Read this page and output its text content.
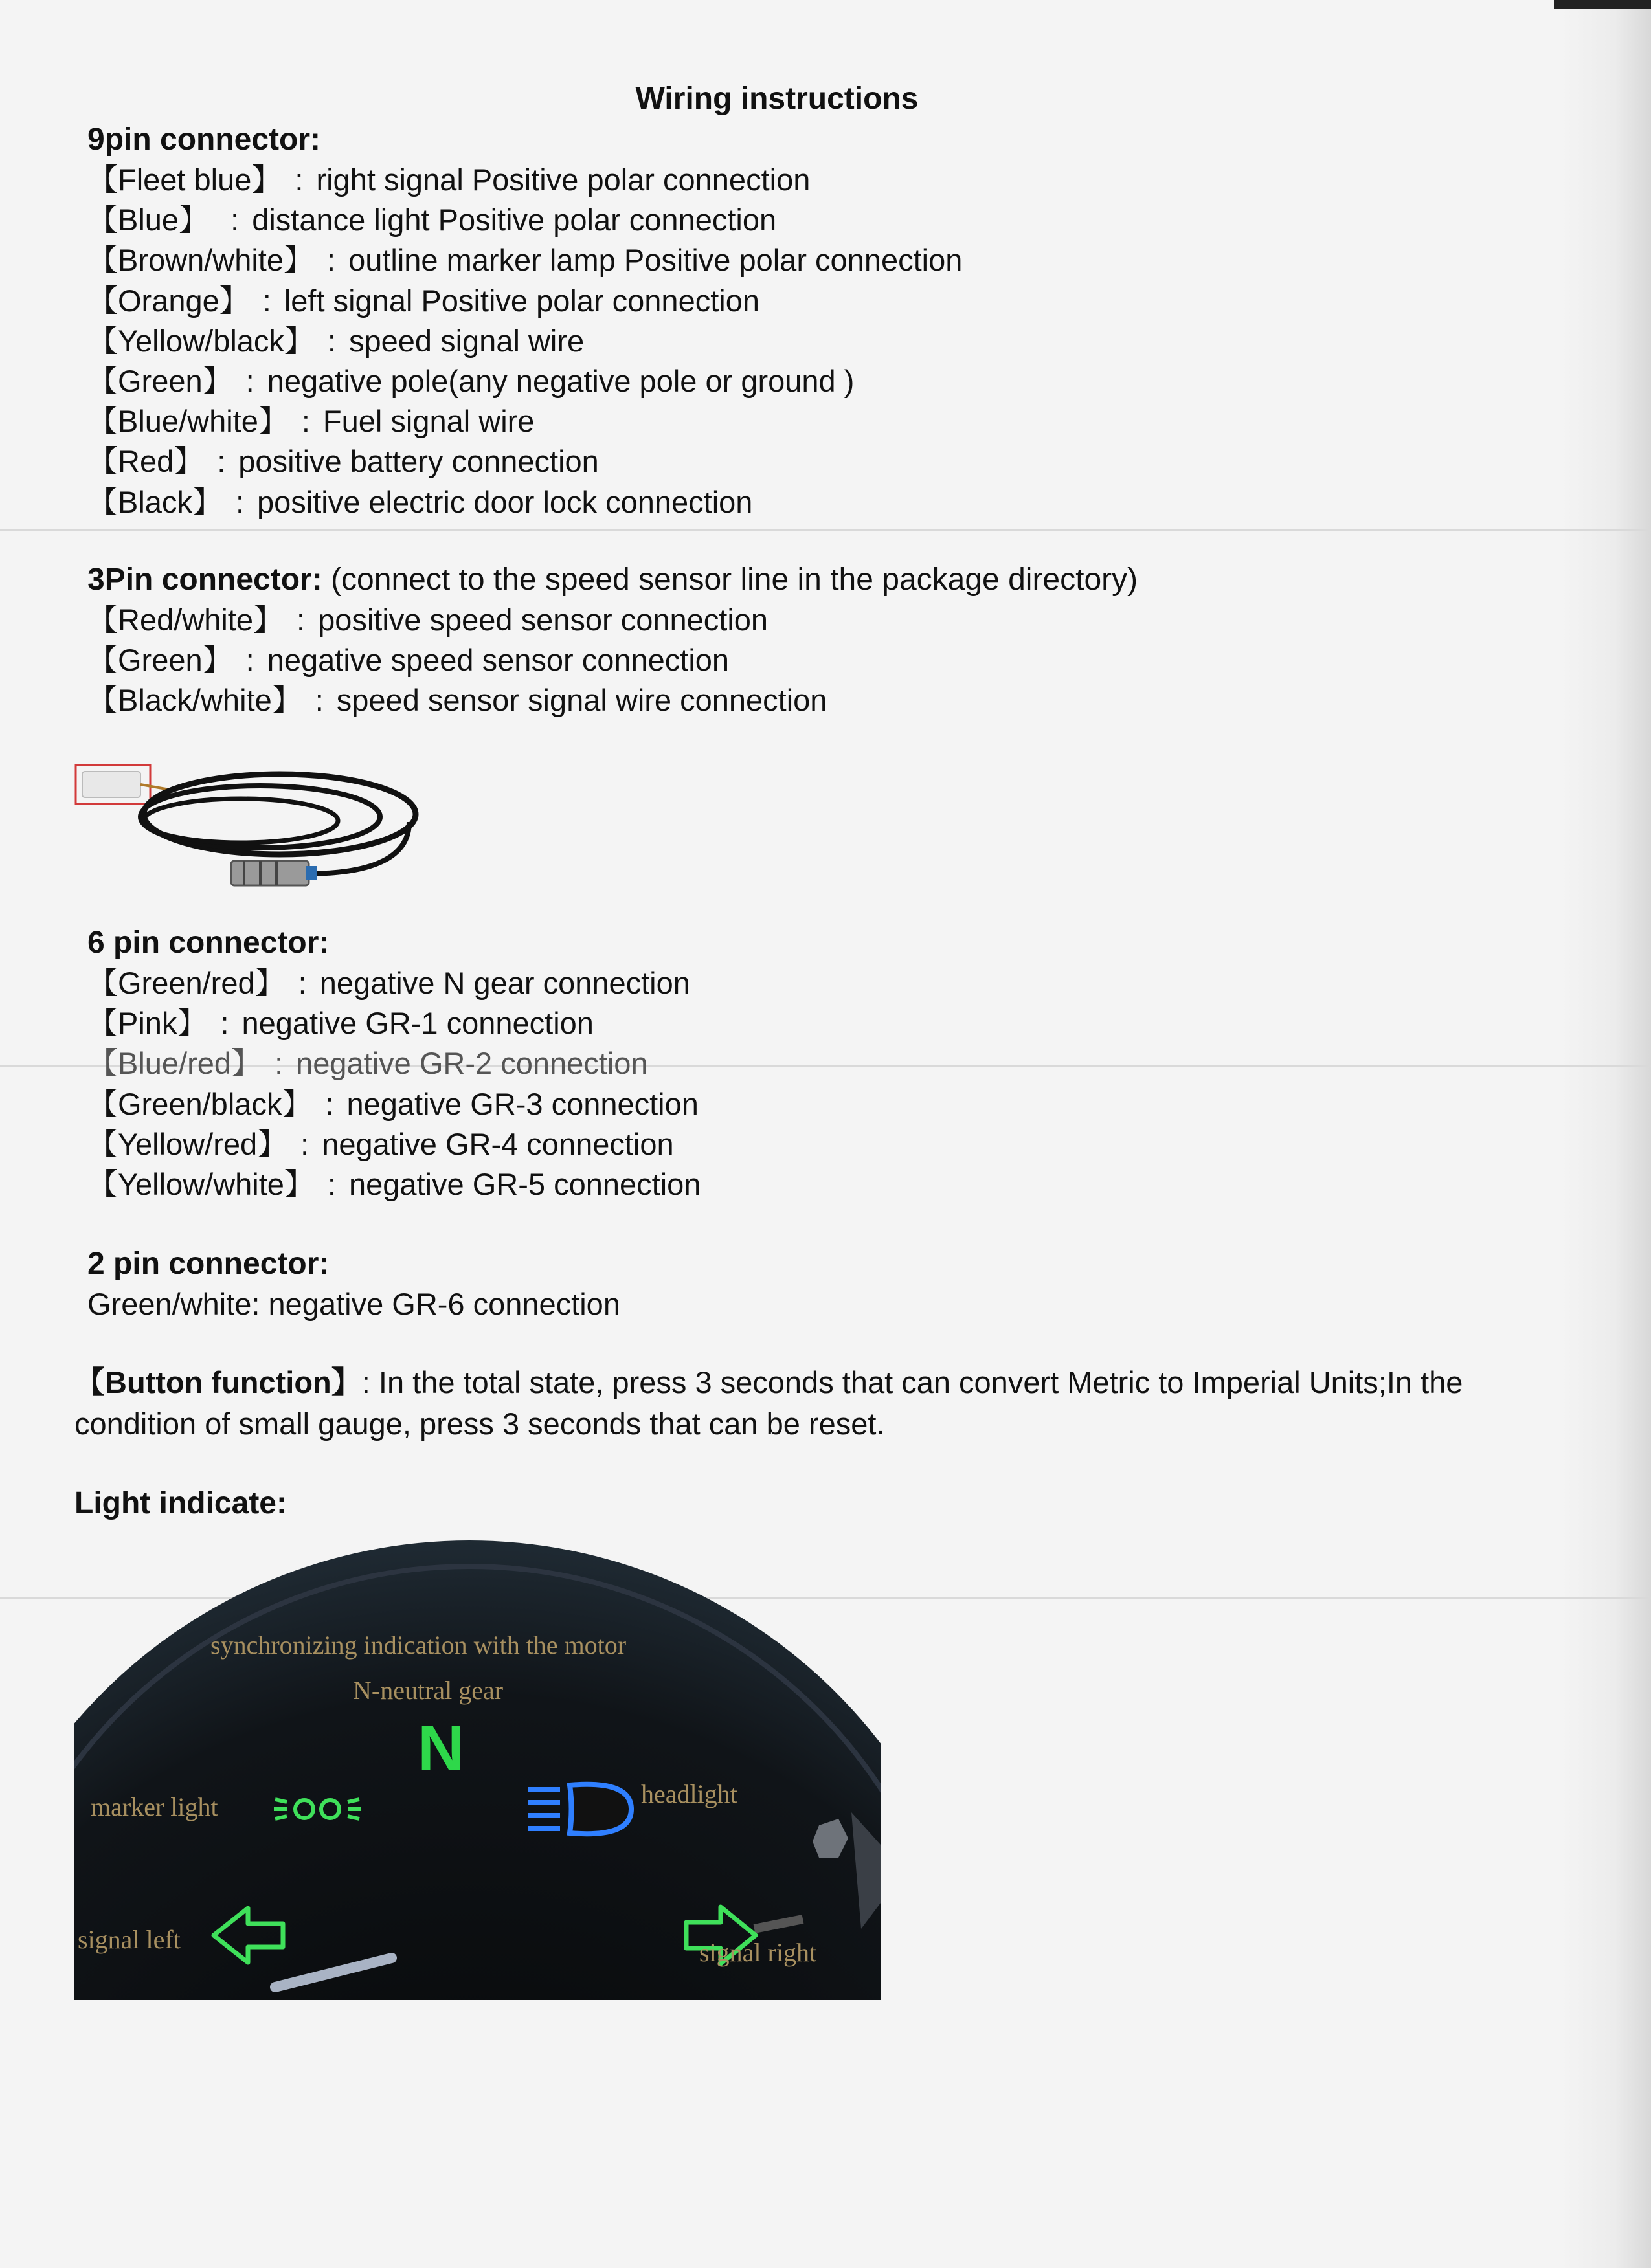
Wiring instructions
9pin connector:
【Fleet blue】 : right signal Positive polar connection
【Blue】 : distance light Positive polar connection
【Brown/white】 : outline marker lamp Positive polar connection
【Orange】 : left signal Positive polar connection
【Yellow/black】 : speed signal wire
【Green】 : negative pole(any negative pole or ground )
【Blue/white】 : Fuel signal wire
【Red】 : positive battery connection
【Black】 : positive electric door lock connection
3Pin connector: (connect to the speed sensor line in the package directory)
【Red/white】 : positive speed sensor connection
【Green】 : negative speed sensor connection
【Black/white】 : speed sensor signal wire connection
6 pin connector:
【Green/red】 : negative N gear connection
【Pink】 : negative GR-1 connection
【Blue/red】 : negative GR-2 connection
【Green/black】 : negative GR-3 connection
【Yellow/red】 : negative GR-4 connection
【Yellow/white】 : negative GR-5 connection
2 pin connector:
Green/white: negative GR-6 connection
【Button function】: In the total state, press 3 seconds that can convert Metric to Imperial Units;In the condition of small gauge, press 3 seconds that can be reset.
Light indicate:
synchronizing indication with the motor
N-neutral gear
N
marker light	headlight
signal left	signal right
